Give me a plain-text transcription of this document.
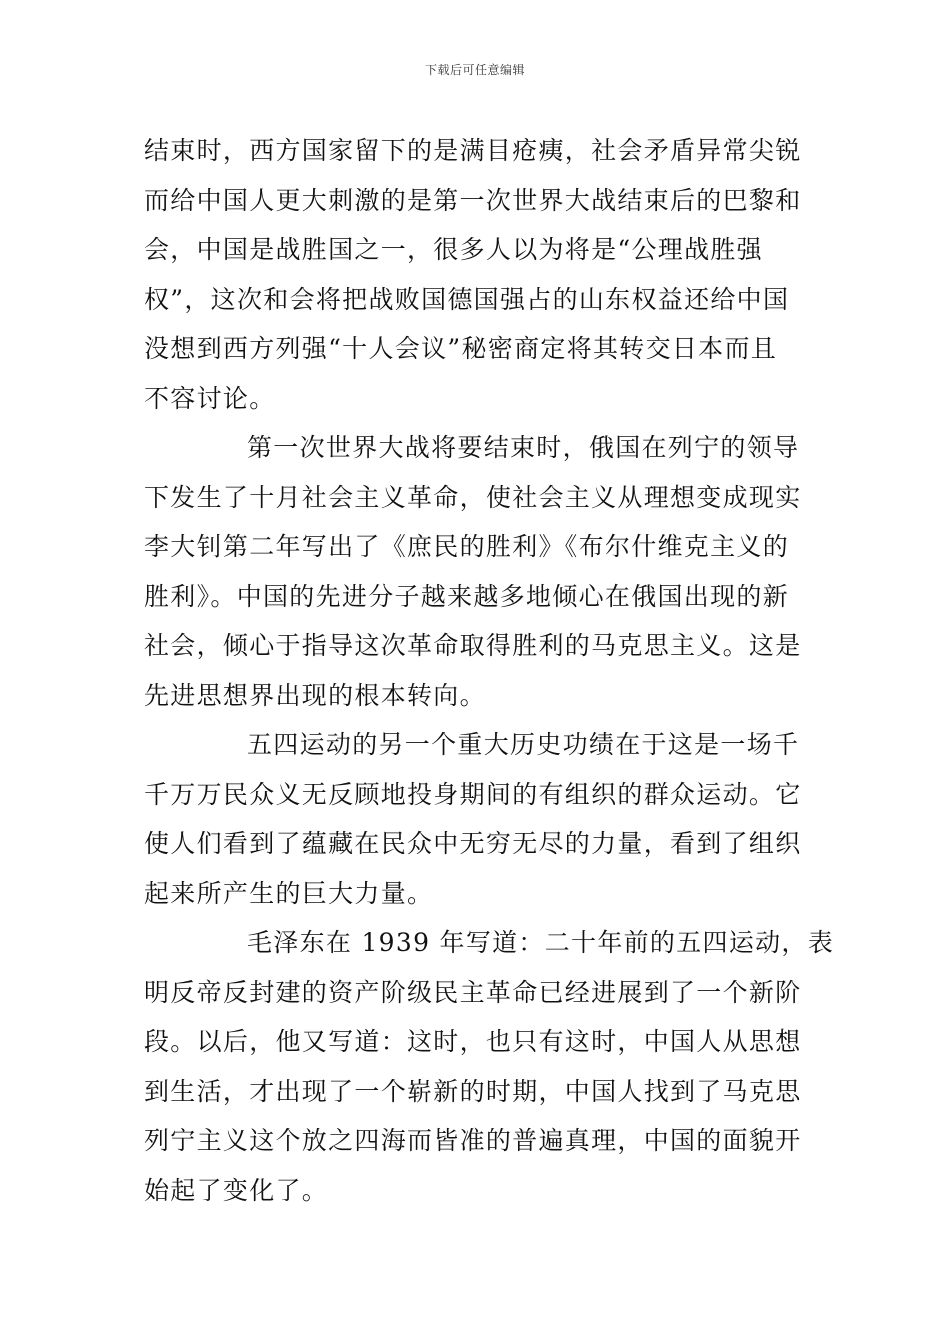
下载后可任意编辑
结束时，西方国家留下的是满目疮痍，社会矛盾异常尖锐
而给中国人更大刺激的是第一次世界大战结束后的巴黎和
会，中国是战胜国之一，很多人以为将是“公理战胜强
权”，这次和会将把战败国德国强占的山东权益还给中国
没想到西方列强“十人会议”秘密商定将其转交日本而且
不容讨论。
第一次世界大战将要结束时，俄国在列宁的领导
下发生了十月社会主义革命，使社会主义从理想变成现实
李大钊第二年写出了《庶民的胜利》《布尔什维克主义的
胜利》。中国的先进分子越来越多地倾心在俄国出现的新
社会，倾心于指导这次革命取得胜利的马克思主义。这是
先进思想界出现的根本转向。
五四运动的另一个重大历史功绩在于这是一场千
千万万民众义无反顾地投身期间的有组织的群众运动。它
使人们看到了蕴藏在民众中无穷无尽的力量，看到了组织
起来所产生的巨大力量。
毛泽东在 1939 年写道：二十年前的五四运动，表
明反帝反封建的资产阶级民主革命已经进展到了一个新阶
段。以后，他又写道：这时，也只有这时，中国人从思想
到生活，才出现了一个崭新的时期，中国人找到了马克思
列宁主义这个放之四海而皆准的普遍真理，中国的面貌开
始起了变化了。
